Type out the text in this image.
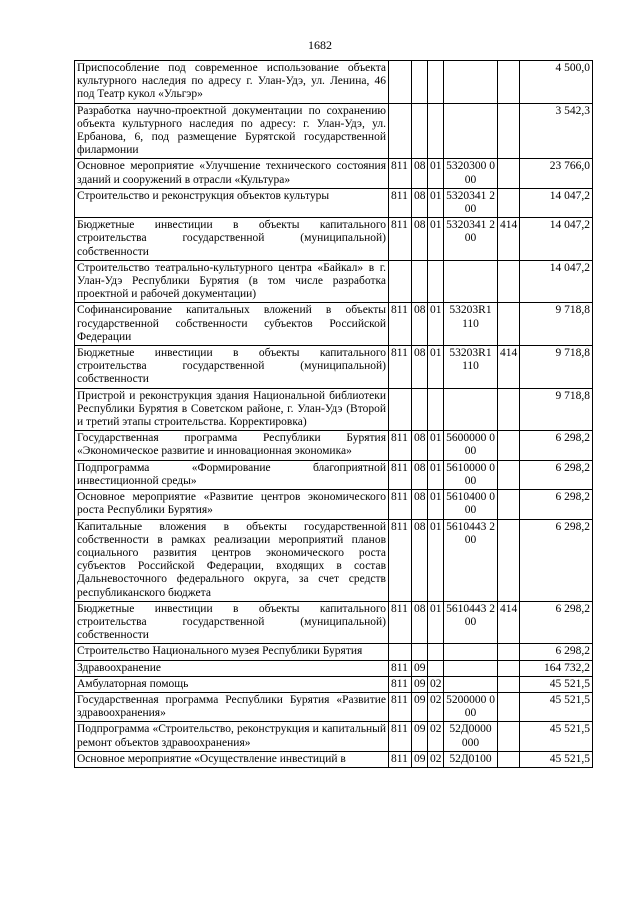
1682
Приспособление под современное использование объекта культурного наследия по адресу г. Улан-Удэ, ул. Ленина, 46 под Театр кукол «Ульгэр»						4 500,0
Разработка научно-проектной документации по сохранению объекта культурного наследия по адресу: г. Улан-Удэ, ул. Ербанова, 6, под размещение Бурятской государственной филармонии						3 542,3
Основное мероприятие «Улучшение технического состояния зданий и сооружений в отрасли «Культура»	811	08	01	5320300 000		23 766,0
Строительство и реконструкция объектов культуры	811	08	01	5320341 200		14 047,2
Бюджетные инвестиции в объекты капитального строительства государственной (муниципальной) собственности	811	08	01	5320341 200	414	14 047,2
Строительство театрально-культурного центра «Байкал» в г. Улан-Удэ Республики Бурятия (в том числе разработка проектной и рабочей документации)						14 047,2
Софинансирование капитальных вложений в объекты государственной собственности субъектов Российской Федерации	811	08	01	53203R1 110		9 718,8
Бюджетные инвестиции в объекты капитального строительства государственной (муниципальной) собственности	811	08	01	53203R1 110	414	9 718,8
Пристрой и реконструкция здания Национальной библиотеки Республики Бурятия в Советском районе, г. Улан-Удэ (Второй и третий этапы строительства. Корректировка)						9 718,8
Государственная программа Республики Бурятия «Экономическое развитие и инновационная экономика»	811	08	01	5600000 000		6 298,2
Подпрограмма «Формирование благоприятной инвестиционной среды»	811	08	01	5610000 000		6 298,2
Основное мероприятие «Развитие центров экономического роста Республики Бурятия»	811	08	01	5610400 000		6 298,2
Капитальные вложения в объекты государственной собственности в рамках реализации мероприятий планов социального развития центров экономического роста субъектов Российской Федерации, входящих в состав Дальневосточного федерального округа, за счет средств республиканского бюджета	811	08	01	5610443 200		6 298,2
Бюджетные инвестиции в объекты капитального строительства государственной (муниципальной) собственности	811	08	01	5610443 200	414	6 298,2
Строительство Национального музея Республики Бурятия						6 298,2
Здравоохранение	811	09				164 732,2
Амбулаторная помощь	811	09	02			45 521,5
Государственная программа Республики Бурятия «Развитие здравоохранения»	811	09	02	5200000 000		45 521,5
Подпрограмма «Строительство, реконструкция и капитальный ремонт объектов здравоохранения»	811	09	02	52Д0000 000		45 521,5
Основное мероприятие «Осуществление инвестиций в	811	09	02	52Д0100		45 521,5
